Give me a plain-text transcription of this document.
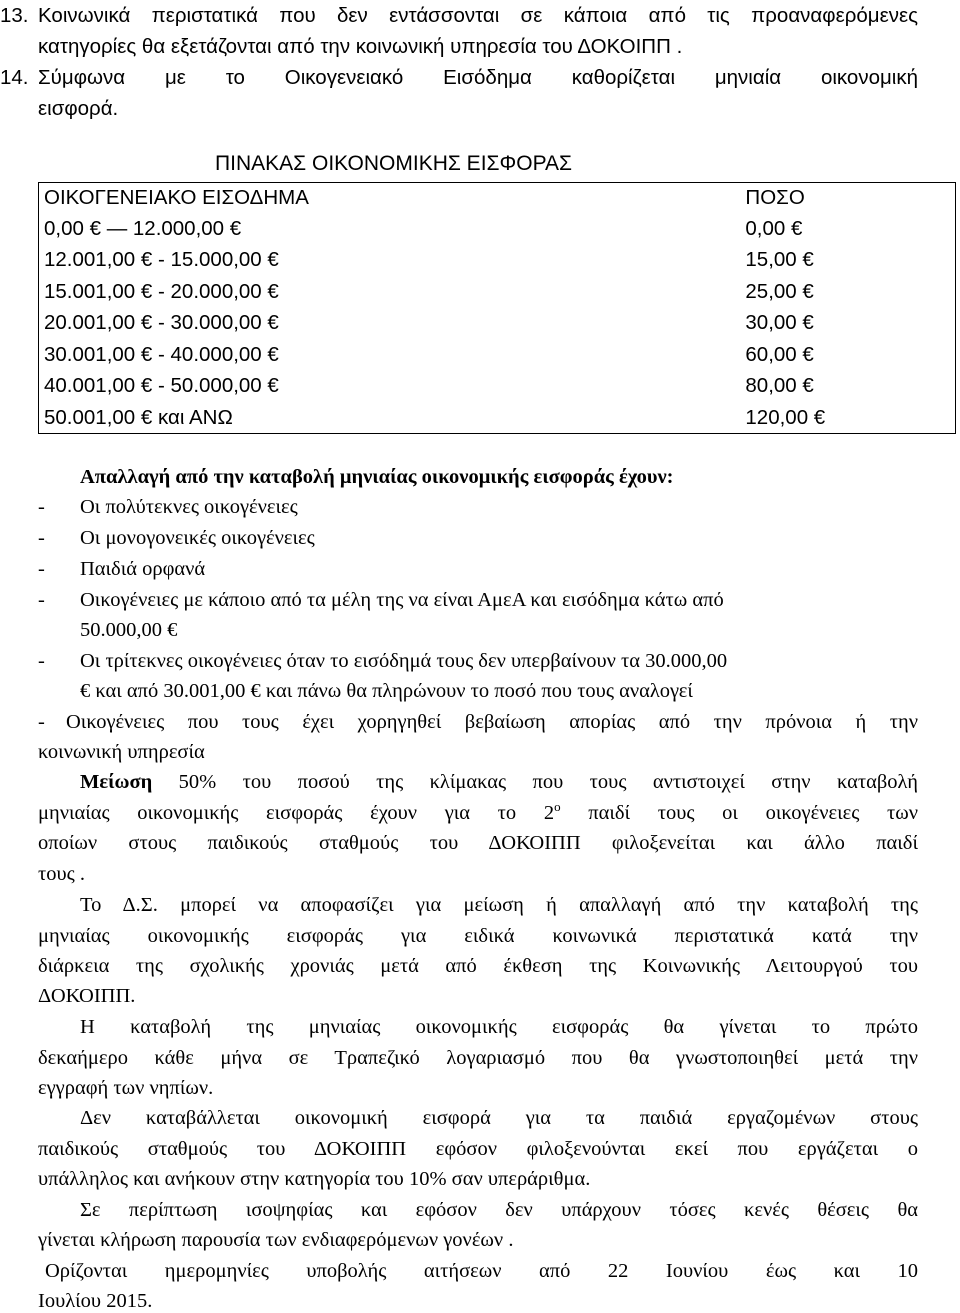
13. Κοινωνικά περιστατικά που δεν εντάσσονται σε κάποια από τις προαναφερόμενες
κατηγορίες θα εξετάζονται από την κοινωνική υπηρεσία του ΔΟΚΟΙΠΠ .
14. Σύμφωνα με το Οικογενειακό Εισόδημα καθορίζεται μηνιαία οικονομική
εισφορά.
ΠΙΝΑΚΑΣ ΟΙΚΟΝΟΜΙΚΗΣ ΕΙΣΦΟΡΑΣ
ΟΙΚΟΓΕΝΕΙΑΚΟ ΕΙΣΟΔΗΜΑ	ΠΟΣΟ
0,00 € — 12.000,00 €	0,00 €
12.001,00 € - 15.000,00 €	15,00 €
15.001,00 € - 20.000,00 €	25,00 €
20.001,00 € - 30.000,00 €	30,00 €
30.001,00 € - 40.000,00 €	60,00 €
40.001,00 € - 50.000,00 €	80,00 €
50.001,00 € και ΑΝΩ	120,00 €
Απαλλαγή από την καταβολή μηνιαίας οικονομικής εισφοράς έχουν:
- Οι πολύτεκνες οικογένειες
- Οι μονογονεικές οικογένειες
- Παιδιά ορφανά
- Οικογένειες με κάποιο από τα μέλη της να είναι ΑμεΑ και εισόδημα κάτω από
50.000,00 €
- Οι τρίτεκνες οικογένειες όταν το εισόδημά τους δεν υπερβαίνουν τα 30.000,00
€ και από 30.001,00 € και πάνω θα πληρώνουν το ποσό που τους αναλογεί
- Οικογένειες που τους έχει χορηγηθεί βεβαίωση απορίας από την πρόνοια ή την
κοινωνική υπηρεσία
Μείωση 50% του ποσού της κλίμακας που τους αντιστοιχεί στην καταβολή
μηνιαίας οικονομικής εισφοράς έχουν για το $2^o$ παιδί τους οι οικογένειες των
οποίων στους παιδικούς σταθμούς του ΔΟΚΟΙΠΠ φιλοξενείται και άλλο παιδί
τους .
Το Δ.Σ. μπορεί να αποφασίζει για μείωση ή απαλλαγή από την καταβολή της
μηνιαίας οικονομικής εισφοράς για ειδικά κοινωνικά περιστατικά κατά την
διάρκεια της σχολικής χρονιάς μετά από έκθεση της Κοινωνικής Λειτουργού του
ΔΟΚΟΙΠΠ.
Η καταβολή της μηνιαίας οικονομικής εισφοράς θα γίνεται το πρώτο
δεκαήμερο κάθε μήνα σε Τραπεζικό λογαριασμό που θα γνωστοποιηθεί μετά την
εγγραφή των νηπίων.
Δεν καταβάλλεται οικονομική εισφορά για τα παιδιά εργαζομένων στους
παιδικούς σταθμούς του ΔΟΚΟΙΠΠ εφόσον φιλοξενούνται εκεί που εργάζεται ο
υπάλληλος και ανήκουν στην κατηγορία του 10% σαν υπεράριθμα.
Σε περίπτωση ισοψηφίας και εφόσον δεν υπάρχουν τόσες κενές θέσεις θα
γίνεται κλήρωση παρουσία των ενδιαφερόμενων γονέων .
Ορίζονται ημερομηνίες υποβολής αιτήσεων από 22 Ιουνίου έως και 10
Ιουλίου 2015.
